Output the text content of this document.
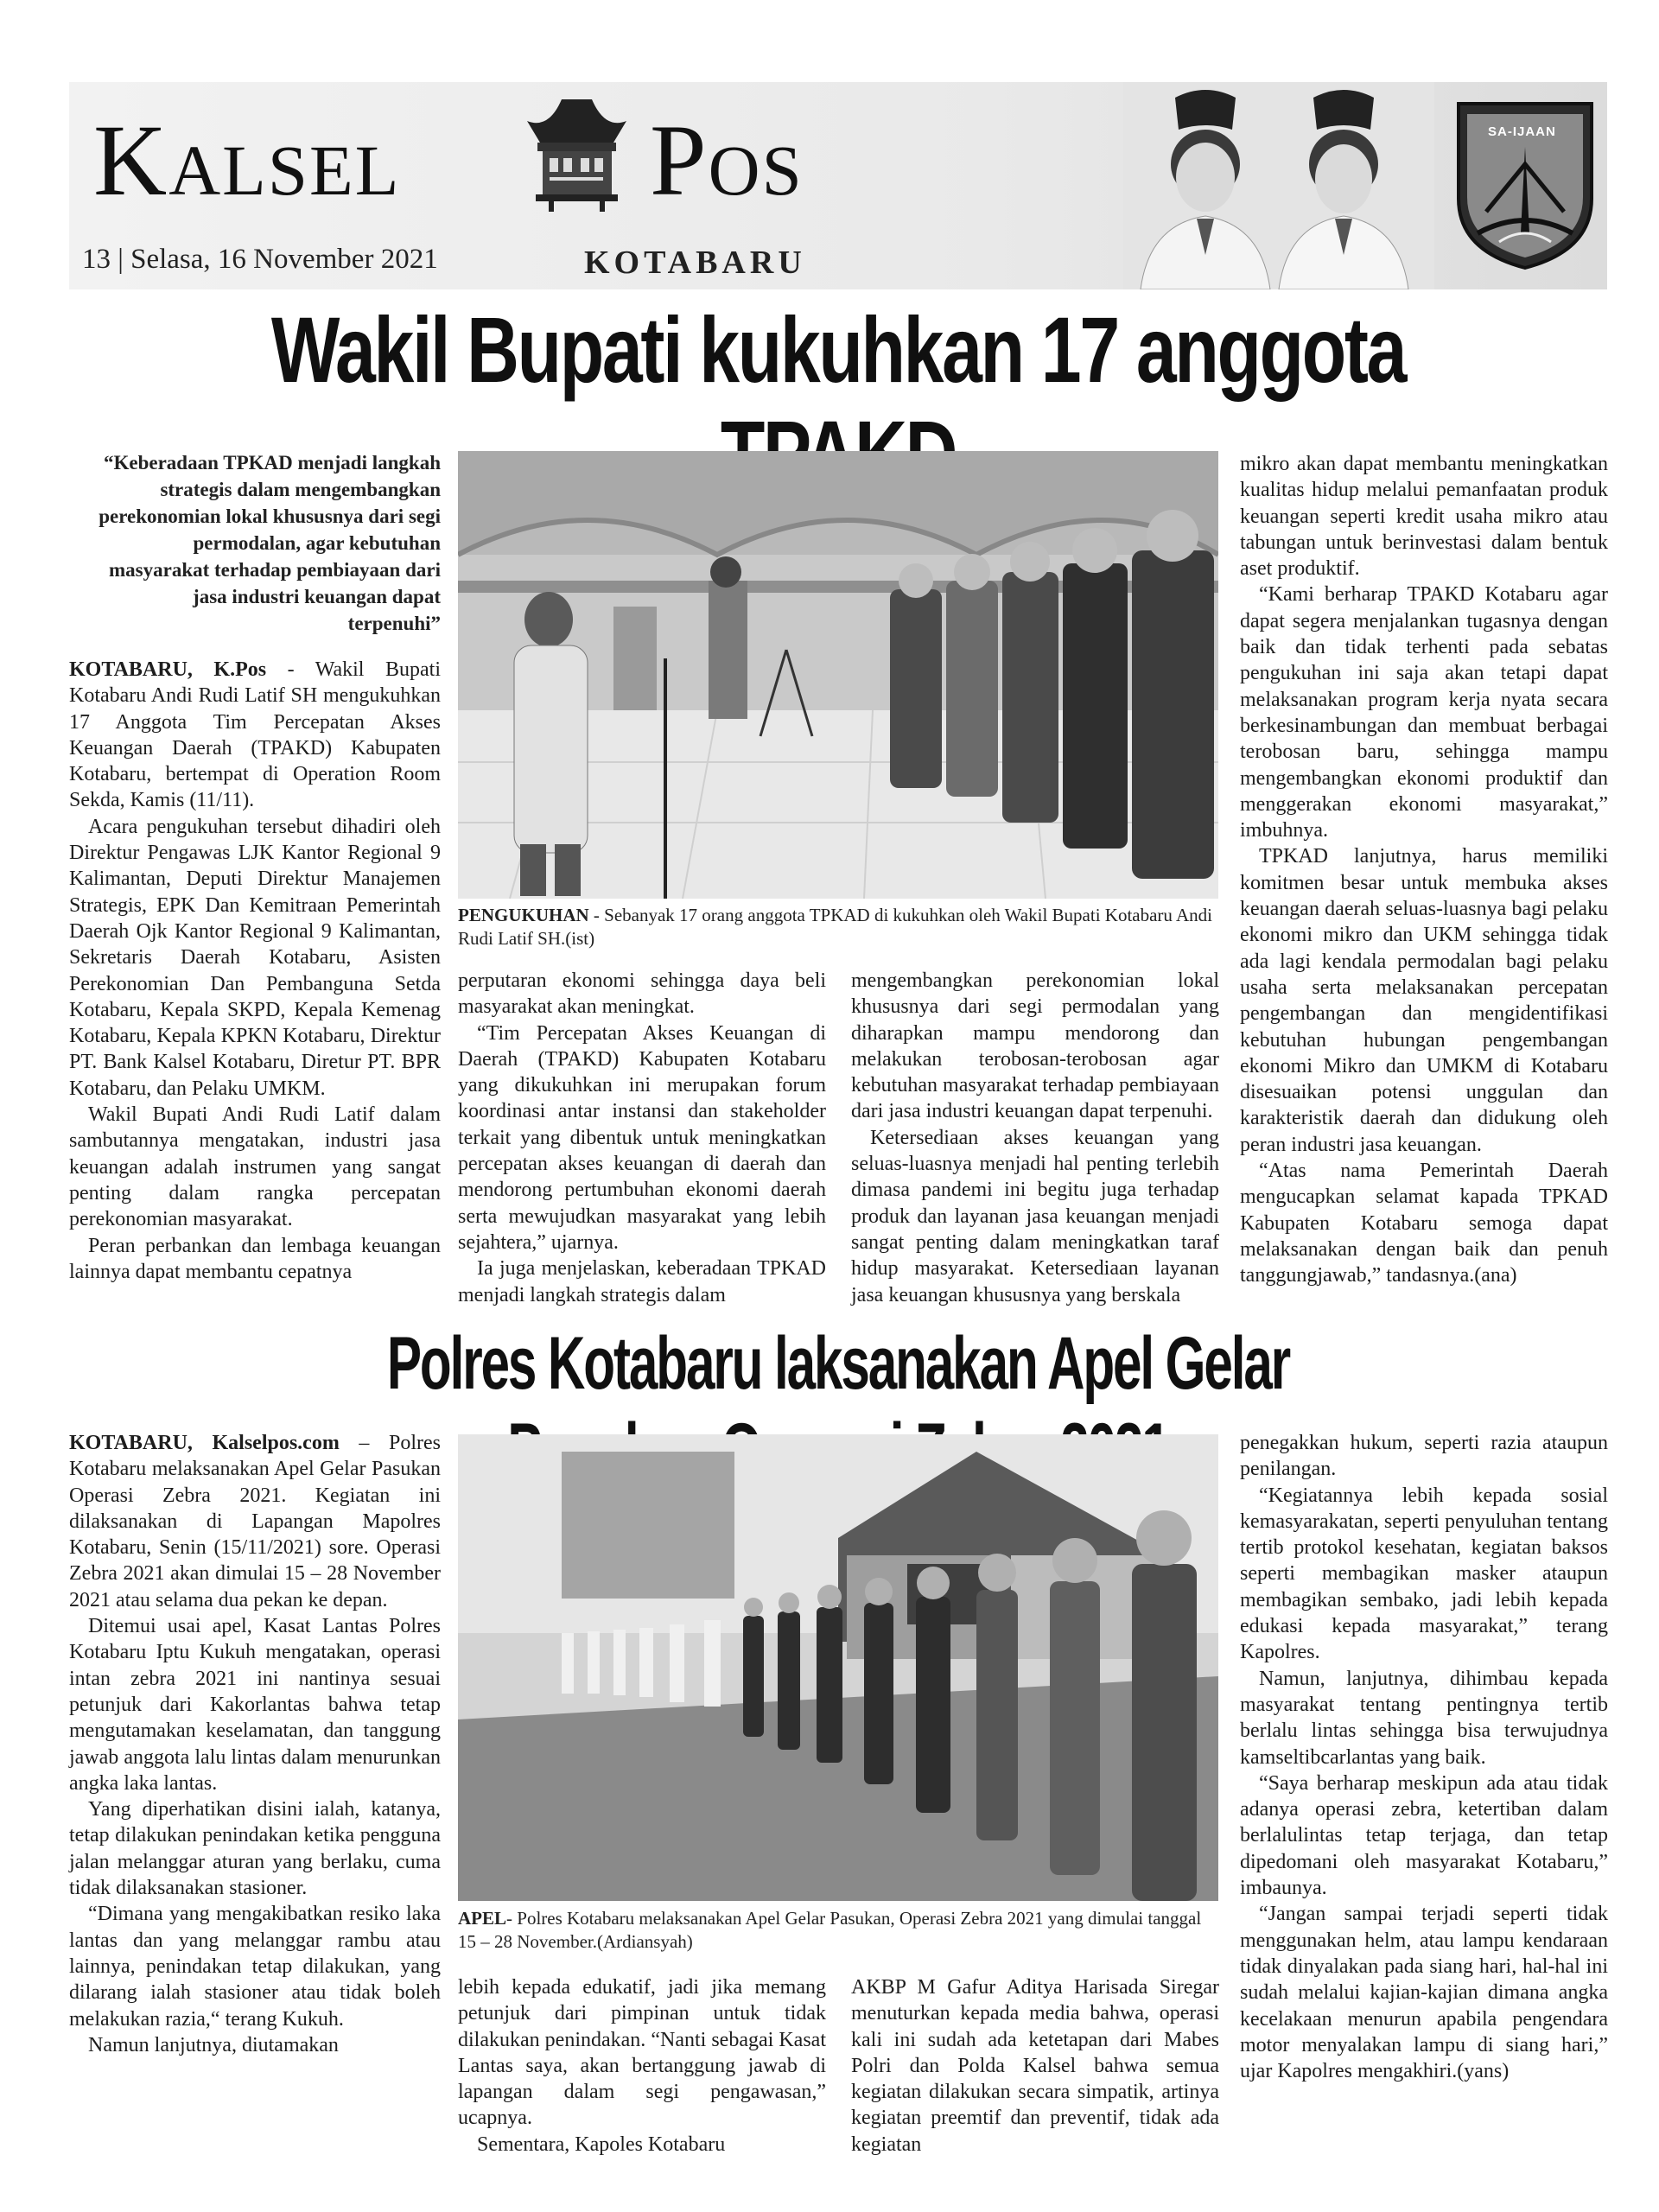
Kalsel Pos
13 | Selasa, 16 November 2021	KOTABARU
SA-IJAAN
Wakil Bupati kukuhkan 17 anggota
“Keberadaan TPKAD menjadi langkah strategis dalam mengembangkan perekonomian lokal khususnya dari segi permodalan, agar kebutuhan masyarakat terhadap pembiayaan dari jasa industri keuangan dapat terpenuhi”

KOTABARU, K.Pos - Wakil Bupati Kotabaru Andi Rudi Latif SH mengukuhkan 17 Anggota Tim Percepatan Akses Keuangan Daerah (TPAKD) Kabupaten Kotabaru, bertempat di Operation Room Sekda, Kamis (11/11).

Acara pengukuhan tersebut dihadiri oleh Direktur Pengawas LJK Kantor Regional 9 Kalimantan, Deputi Direktur Manajemen Strategis, EPK Dan Kemitraan Pemerintah Daerah Ojk Kantor Regional 9 Kalimantan, Sekretaris Daerah Kotabaru, Asisten Perekonomian Dan Pembanguna Setda Kotabaru, Kepala SKPD, Kepala Kemenag Kotabaru, Kepala KPKN Kotabaru, Direktur PT. Bank Kalsel Kotabaru, Diretur PT. BPR Kotabaru, dan Pelaku UMKM.

Wakil Bupati Andi Rudi Latif dalam sambutannya mengatakan, industri jasa keuangan adalah instrumen yang sangat penting dalam rangka percepatan perekonomian masyarakat.

Peran perbankan dan lembaga keuangan lainnya dapat membantu cepatnya

PENGUKUHAN - Sebanyak 17 orang anggota TPKAD di kukuhkan oleh Wakil Bupati Kotabaru Andi Rudi Latif SH.(ist)

perputaran ekonomi sehingga daya beli masyarakat akan meningkat.

“Tim Percepatan Akses Keuangan di Daerah (TPAKD) Kabupaten Kotabaru yang dikukuhkan ini merupakan forum koordinasi antar instansi dan stakeholder terkait yang dibentuk untuk meningkatkan percepatan akses keuangan di daerah dan mendorong pertumbuhan ekonomi daerah serta mewujudkan masyarakat yang lebih sejahtera,” ujarnya.

Ia juga menjelaskan, keberadaan TPKAD menjadi langkah strategis dalam

mengembangkan perekonomian lokal khususnya dari segi permodalan yang diharapkan mampu mendorong dan melakukan terobosan-terobosan agar kebutuhan masyarakat terhadap pembiayaan dari jasa industri keuangan dapat terpenuhi.

Ketersediaan akses keuangan yang seluas-luasnya menjadi hal penting terlebih dimasa pandemi ini begitu juga terhadap produk dan layanan jasa keuangan menjadi sangat penting dalam meningkatkan taraf hidup masyarakat. Ketersediaan layanan jasa keuangan khususnya yang berskala

mikro akan dapat membantu meningkatkan kualitas hidup melalui pemanfaatan produk keuangan seperti kredit usaha mikro atau tabungan untuk berinvestasi dalam bentuk aset produktif.

“Kami berharap TPAKD Kotabaru agar dapat segera menjalankan tugasnya dengan baik dan tidak terhenti pada sebatas pengukuhan ini saja akan tetapi dapat melaksanakan program kerja nyata secara berkesinambungan dan membuat berbagai terobosan baru, sehingga mampu mengembangkan ekonomi produktif dan menggerakan ekonomi masyarakat,” imbuhnya.

TPKAD lanjutnya, harus memiliki komitmen besar untuk membuka akses keuangan daerah seluas-luasnya bagi pelaku ekonomi mikro dan UKM sehingga tidak ada lagi kendala permodalan bagi pelaku usaha serta melaksanakan percepatan pengembangan dan mengidentifikasi kebutuhan hubungan pengembangan ekonomi Mikro dan UMKM di Kotabaru disesuaikan potensi unggulan dan karakteristik daerah dan didukung oleh peran industri jasa keuangan.

“Atas nama Pemerintah Daerah mengucapkan selamat kapada TPKAD Kabupaten Kotabaru semoga dapat melaksanakan dengan baik dan penuh tanggungjawab,” tandasnya.(ana)

Polres Kotabaru laksanakan Apel Gelar

KOTABARU, Kalselpos.com – Polres Kotabaru melaksanakan Apel Gelar Pasukan Operasi Zebra 2021. Kegiatan ini dilaksanakan di Lapangan Mapolres Kotabaru, Senin (15/11/2021) sore. Operasi Zebra 2021 akan dimulai 15 – 28 November 2021 atau selama dua pekan ke depan.

Ditemui usai apel, Kasat Lantas Polres Kotabaru Iptu Kukuh mengatakan, operasi intan zebra 2021 ini nantinya sesuai petunjuk dari Kakorlantas bahwa tetap mengutamakan keselamatan, dan tanggung jawab anggota lalu lintas dalam menurunkan angka laka lantas.

Yang diperhatikan disini ialah, katanya, tetap dilakukan penindakan ketika pengguna jalan melanggar aturan yang berlaku, cuma tidak dilaksanakan stasioner.

“Dimana yang mengakibatkan resiko laka lantas dan yang melanggar rambu atau lainnya, penindakan tetap dilakukan, yang dilarang ialah stasioner atau tidak boleh melakukan razia,“ terang Kukuh.

Namun lanjutnya, diutamakan

APEL- Polres Kotabaru melaksanakan Apel Gelar Pasukan, Operasi Zebra 2021 yang dimulai tanggal 15 – 28 November.(Ardiansyah)

lebih kepada edukatif, jadi jika memang petunjuk dari pimpinan untuk tidak dilakukan penindakan. “Nanti sebagai Kasat Lantas saya, akan bertanggung jawab di lapangan dalam segi pengawasan,” ucapnya.

Sementara, Kapoles Kotabaru

AKBP M Gafur Aditya Harisada Siregar menuturkan kepada media bahwa, operasi kali ini sudah ada ketetapan dari Mabes Polri dan Polda Kalsel bahwa semua kegiatan dilakukan secara simpatik, artinya kegiatan preemtif dan preventif, tidak ada kegiatan

penegakkan hukum, seperti razia ataupun penilangan.

“Kegiatannya lebih kepada sosial kemasyarakatan, seperti penyuluhan tentang tertib protokol kesehatan, kegiatan baksos seperti membagikan masker ataupun membagikan sembako, jadi lebih kepada edukasi kepada masyarakat,” terang Kapolres.

Namun, lanjutnya, dihimbau kepada masyarakat tentang pentingnya tertib berlalu lintas sehingga bisa terwujudnya kamseltibcarlantas yang baik.

“Saya berharap meskipun ada atau tidak adanya operasi zebra, ketertiban dalam berlalulintas tetap terjaga, dan tetap dipedomani oleh masyarakat Kotabaru,” imbaunya.

“Jangan sampai terjadi seperti tidak menggunakan helm, atau lampu kendaraan tidak dinyalakan pada siang hari, hal-hal ini sudah melalui kajian-kajian dimana angka kecelakaan menurun apabila pengendara motor menyalakan lampu di siang hari,” ujar Kapolres mengakhiri.(yans)
